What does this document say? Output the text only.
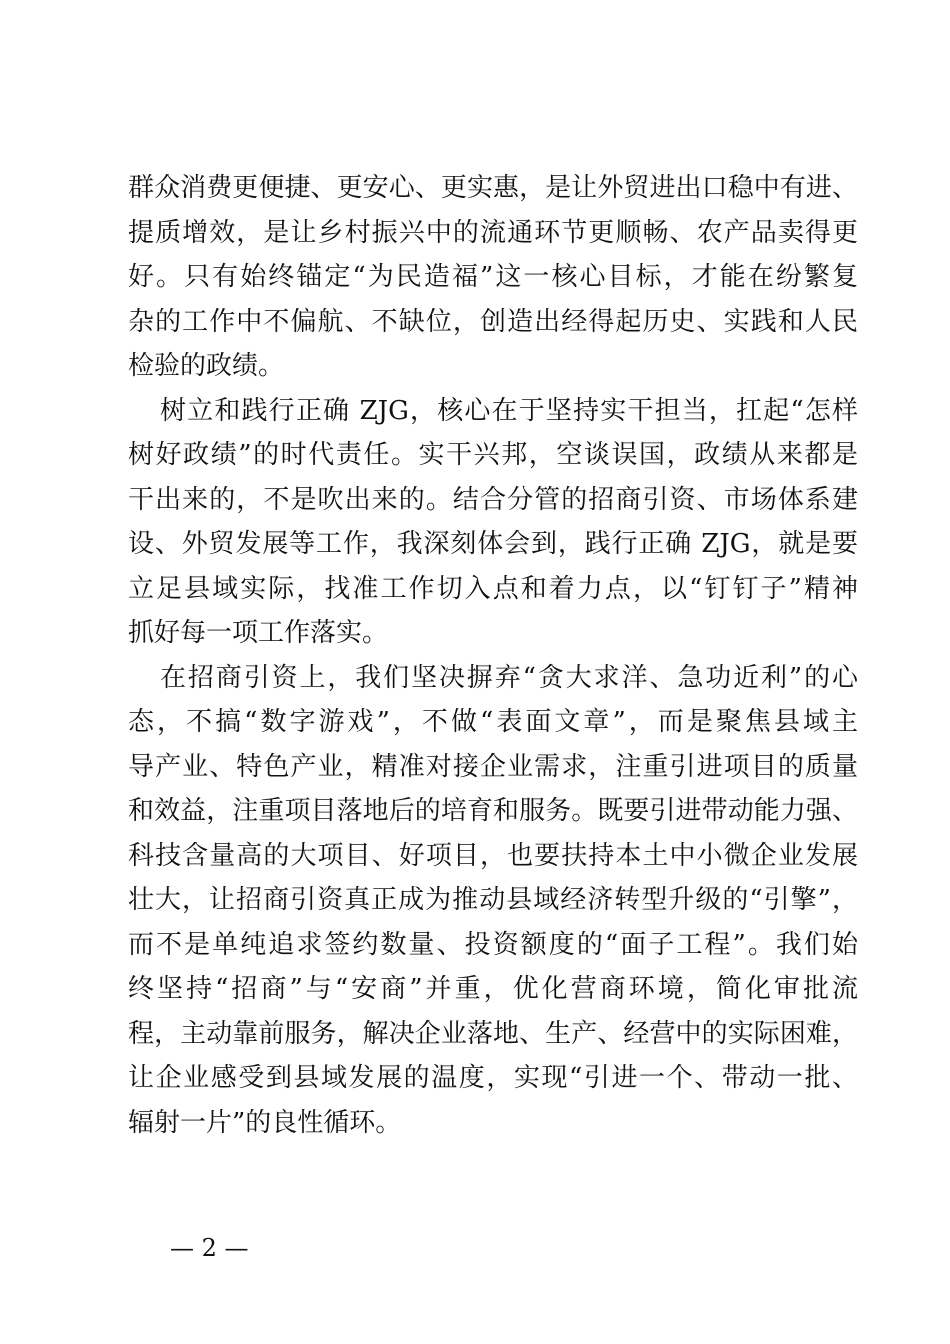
群众消费更便捷、更安心、更实惠，是让外贸进出口稳中有进、
提质增效，是让乡村振兴中的流通环节更顺畅、农产品卖得更
好。只有始终锚定“为民造福”这一核心目标，才能在纷繁复
杂的工作中不偏航、不缺位，创造出经得起历史、实践和人民
检验的政绩。
树立和践行正确 ZJG，核心在于坚持实干担当，扛起“怎样
树好政绩”的时代责任。实干兴邦，空谈误国，政绩从来都是
干出来的，不是吹出来的。结合分管的招商引资、市场体系建
设、外贸发展等工作，我深刻体会到，践行正确 ZJG，就是要
立足县域实际，找准工作切入点和着力点，以“钉钉子”精神
抓好每一项工作落实。
在招商引资上，我们坚决摒弃“贪大求洋、急功近利”的心
态，不搞“数字游戏”，不做“表面文章”，而是聚焦县域主
导产业、特色产业，精准对接企业需求，注重引进项目的质量
和效益，注重项目落地后的培育和服务。既要引进带动能力强、
科技含量高的大项目、好项目，也要扶持本土中小微企业发展
壮大，让招商引资真正成为推动县域经济转型升级的“引擎”，
而不是单纯追求签约数量、投资额度的“面子工程”。我们始
终坚持“招商”与“安商”并重，优化营商环境，简化审批流
程，主动靠前服务，解决企业落地、生产、经营中的实际困难，
让企业感受到县域发展的温度，实现“引进一个、带动一批、
辐射一片”的良性循环。
— 2 —
